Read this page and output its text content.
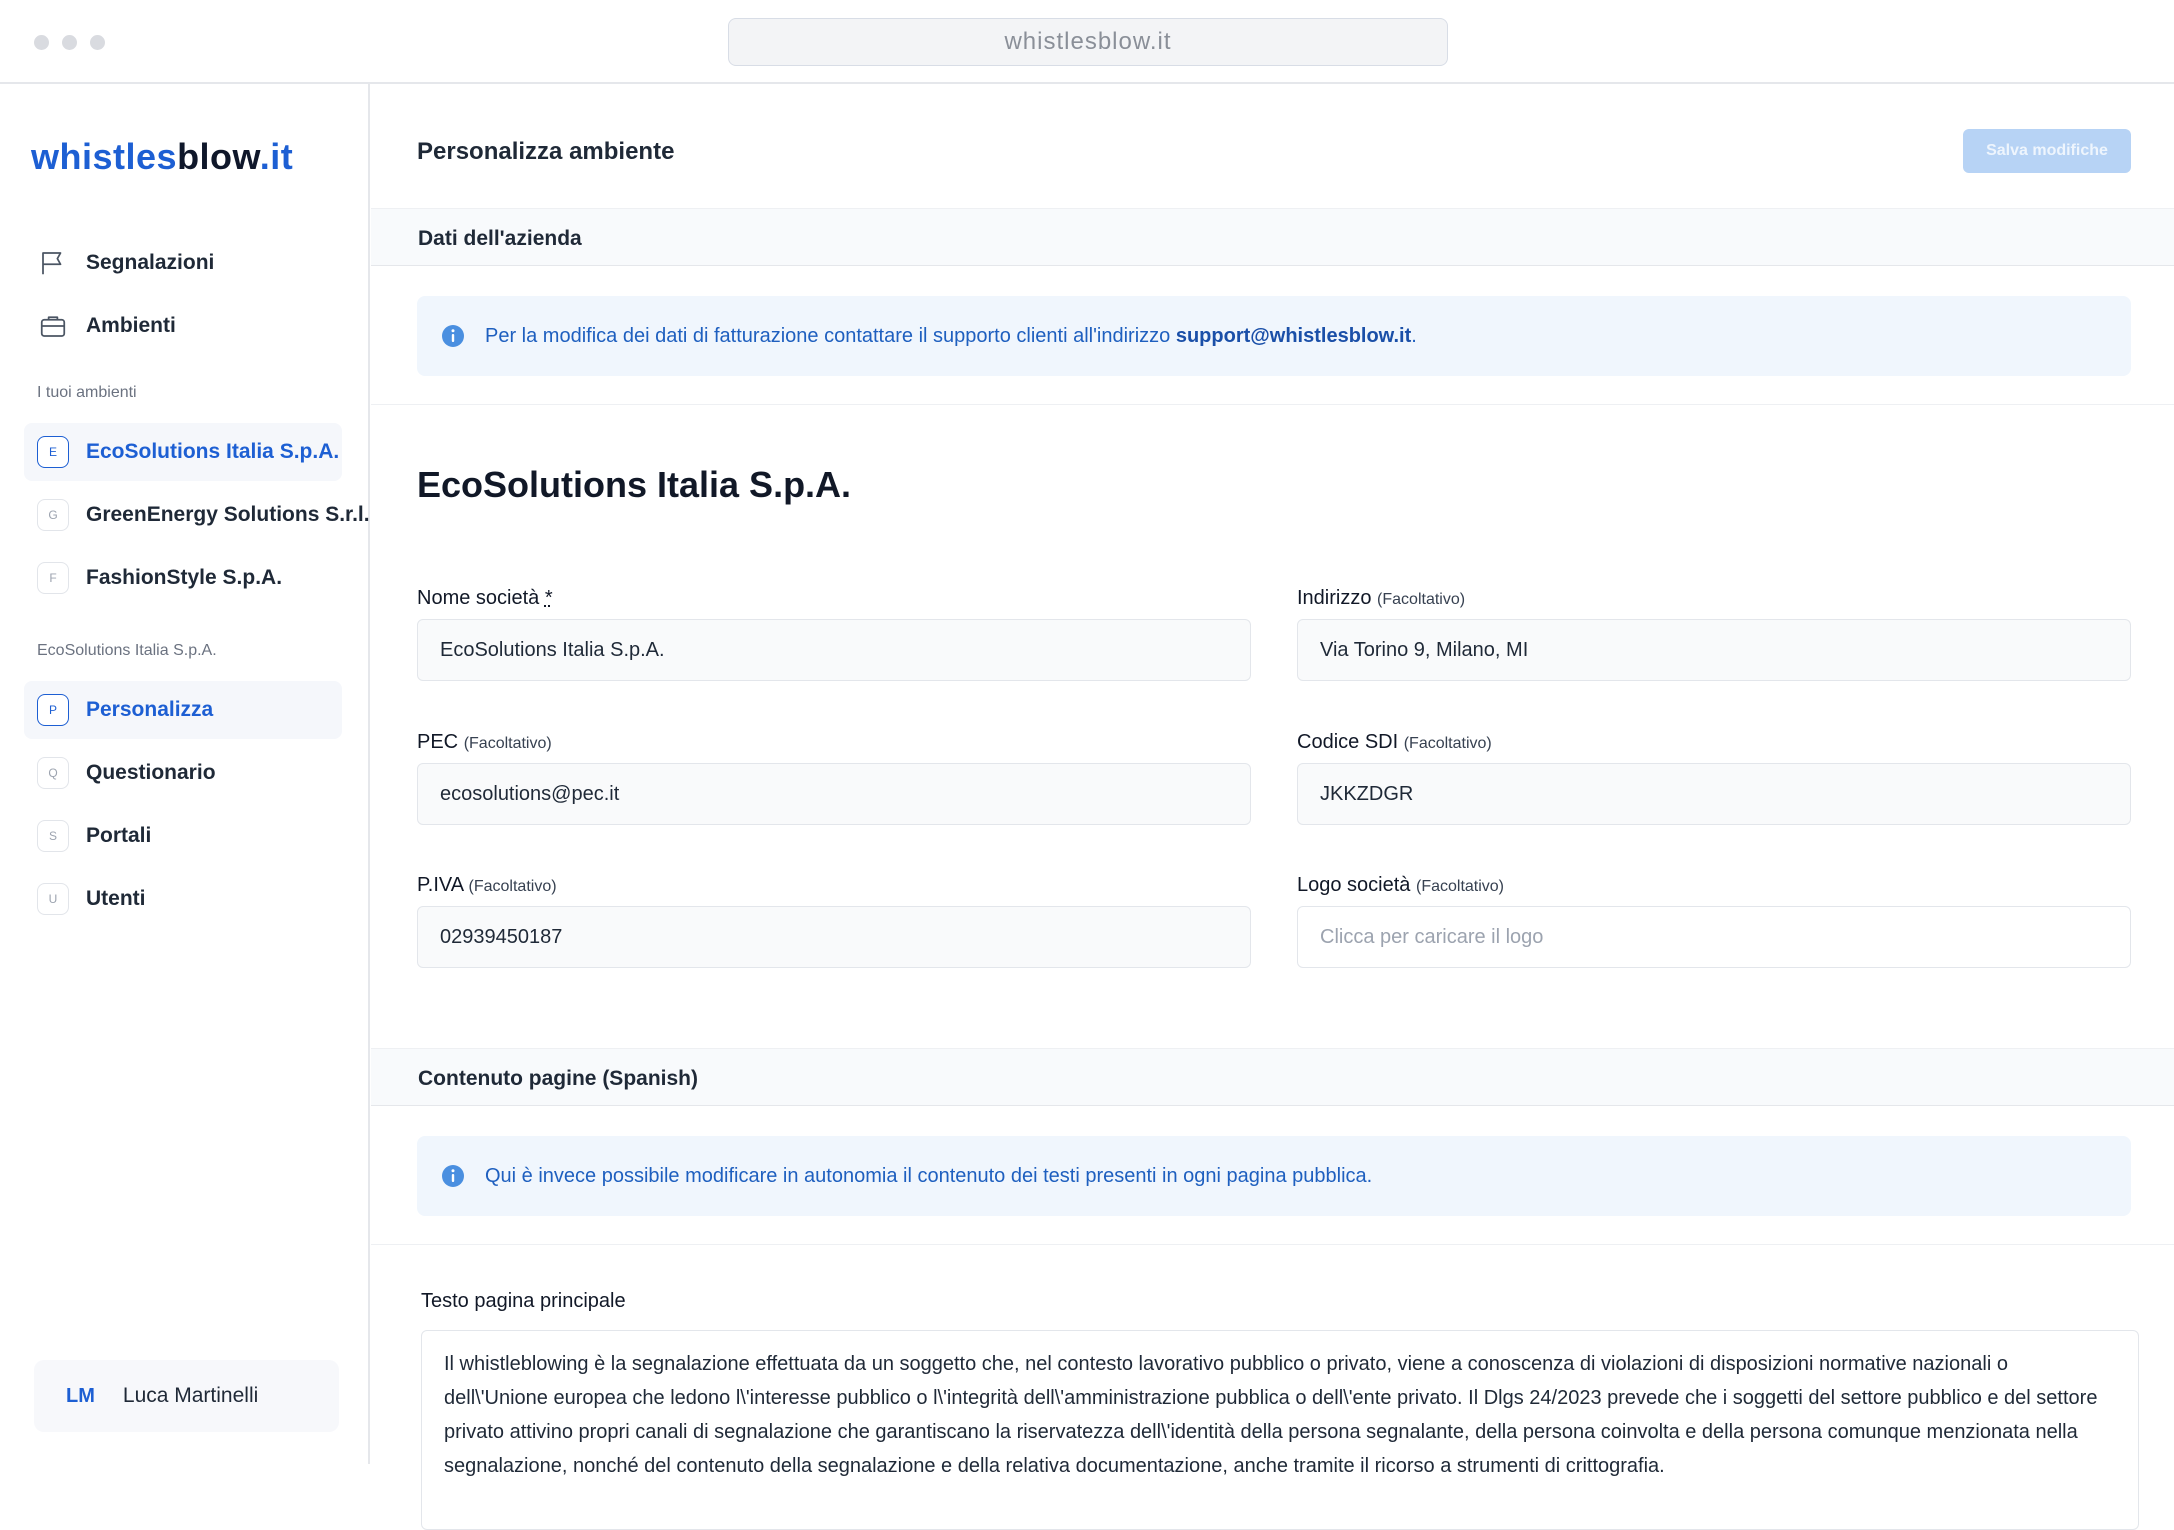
whistlesblow.it
whistlesblow.it
Segnalazioni
Ambienti
I tuoi ambienti
E	EcoSolutions Italia S.p.A.
G	GreenEnergy Solutions S.r.l.
F	FashionStyle S.p.A.
EcoSolutions Italia S.p.A.
P	Personalizza
Q	Questionario
S	Portali
U	Utenti
LM Luca Martinelli
Personalizza ambiente	Salva modifiche
Dati dell'azienda
Per la modifica dei dati di fatturazione contattare il supporto clienti all'indirizzo support@whistlesblow.it.
EcoSolutions Italia S.p.A.
Nome società *
EcoSolutions Italia S.p.A.
Indirizzo (Facoltativo)
Via Torino 9, Milano, MI
PEC (Facoltativo)
ecosolutions@pec.it
Codice SDI (Facoltativo)
JKKZDGR
P.IVA (Facoltativo)
02939450187
Logo società (Facoltativo)
Clicca per caricare il logo
Contenuto pagine (Spanish)
Qui è invece possibile modificare in autonomia il contenuto dei testi presenti in ogni pagina pubblica.
Testo pagina principale
Il whistleblowing è la segnalazione effettuata da un soggetto che, nel contesto lavorativo pubblico o privato, viene a conoscenza di violazioni di disposizioni normative nazionali o dell\'Unione europea che ledono l\'interesse pubblico o l\'integrità dell\'amministrazione pubblica o dell\'ente privato. Il Dlgs 24/2023 prevede che i soggetti del settore pubblico e del settore privato attivino propri canali di segnalazione che garantiscano la riservatezza dell\'identità della persona segnalante, della persona coinvolta e della persona comunque menzionata nella segnalazione, nonché del contenuto della segnalazione e della relativa documentazione, anche tramite il ricorso a strumenti di crittografia.
